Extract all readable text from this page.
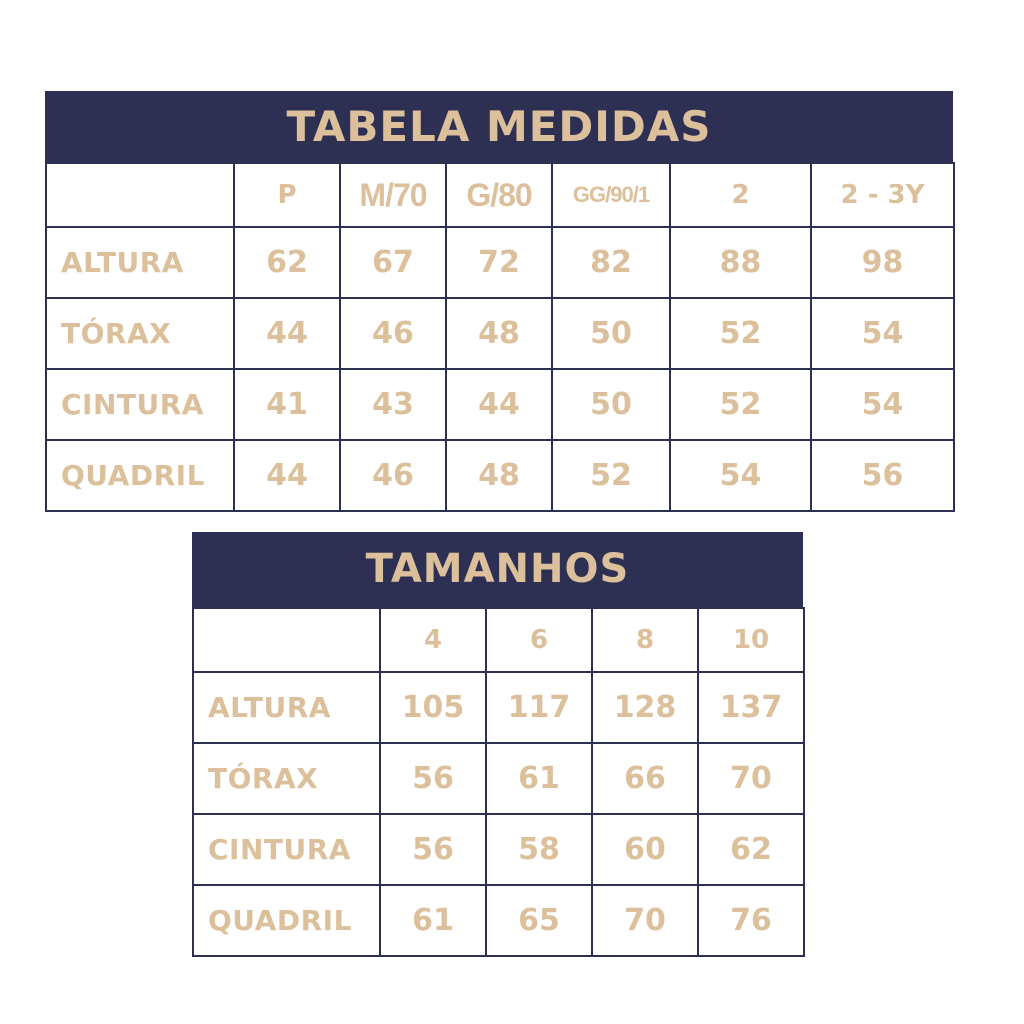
TABELA MEDIDAS
	P	M/70	G/80	GG/90/1	2	2 - 3Y
ALTURA	62	67	72	82	88	98
TÓRAX	44	46	48	50	52	54
CINTURA	41	43	44	50	52	54
QUADRIL	44	46	48	52	54	56
TAMANHOS
	4	6	8	10
ALTURA	105	117	128	137
TÓRAX	56	61	66	70
CINTURA	56	58	60	62
QUADRIL	61	65	70	76
